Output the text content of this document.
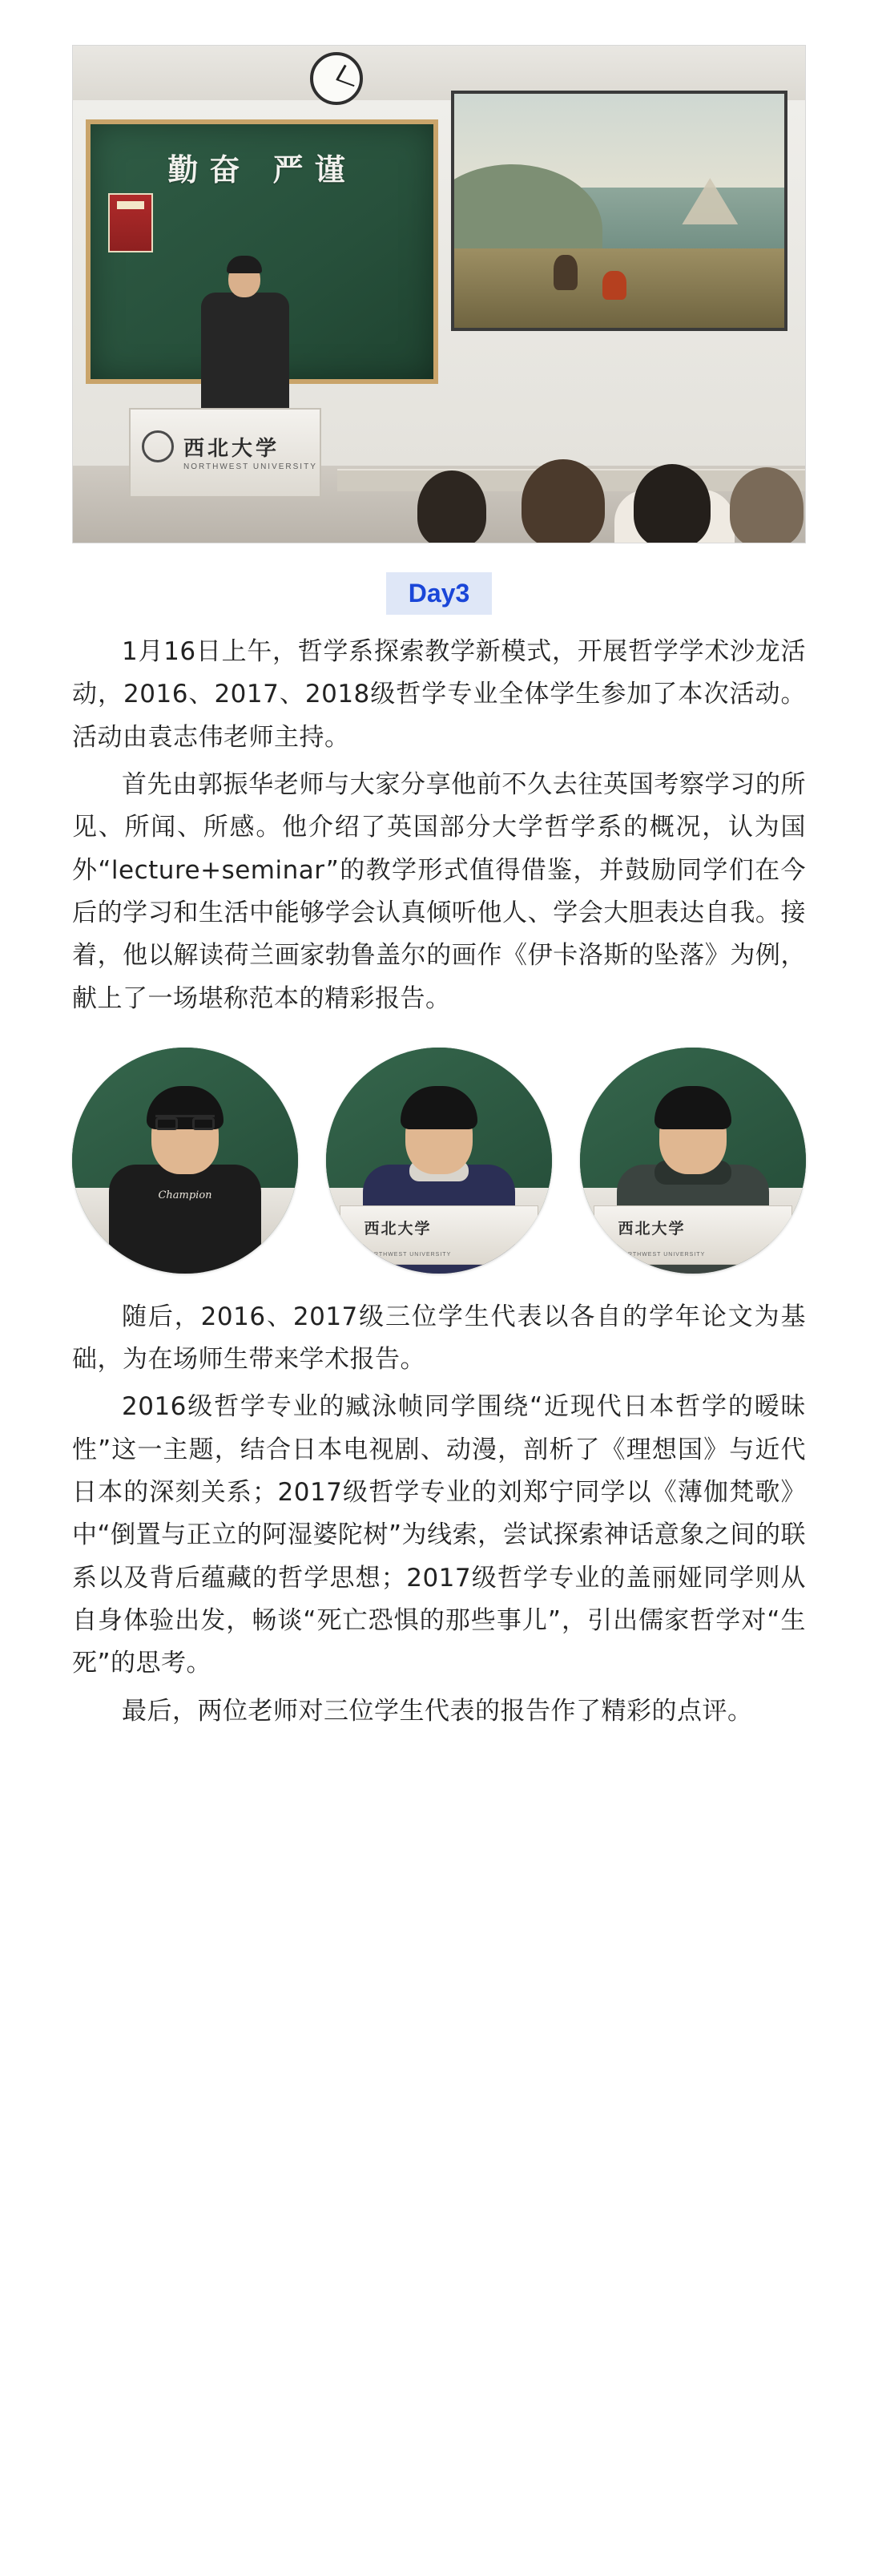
勤奋 严谨
西北大学
NORTHWEST UNIVERSITY
Day3

1月16日上午，哲学系探索教学新模式，开展哲学学术沙龙活动，2016、2017、2018级哲学专业全体学生参加了本次活动。活动由袁志伟老师主持。

首先由郭振华老师与大家分享他前不久去往英国考察学习的所见、所闻、所感。他介绍了英国部分大学哲学系的概况，认为国外“lecture+seminar”的教学形式值得借鉴，并鼓励同学们在今后的学习和生活中能够学会认真倾听他人、学会大胆表达自我。接着，他以解读荷兰画家勃鲁盖尔的画作《伊卡洛斯的坠落》为例，献上了一场堪称范本的精彩报告。

Champion
西北大学
NORTHWEST UNIVERSITY
西北大学
NORTHWEST UNIVERSITY

随后，2016、2017级三位学生代表以各自的学年论文为基础，为在场师生带来学术报告。

2016级哲学专业的臧泳帧同学围绕“近现代日本哲学的暧昧性”这一主题，结合日本电视剧、动漫，剖析了《理想国》与近代日本的深刻关系；2017级哲学专业的刘郑宁同学以《薄伽梵歌》中“倒置与正立的阿湿婆陀树”为线索，尝试探索神话意象之间的联系以及背后蕴藏的哲学思想；2017级哲学专业的盖丽娅同学则从自身体验出发，畅谈“死亡恐惧的那些事儿”，引出儒家哲学对“生死”的思考。

最后，两位老师对三位学生代表的报告作了精彩的点评。
